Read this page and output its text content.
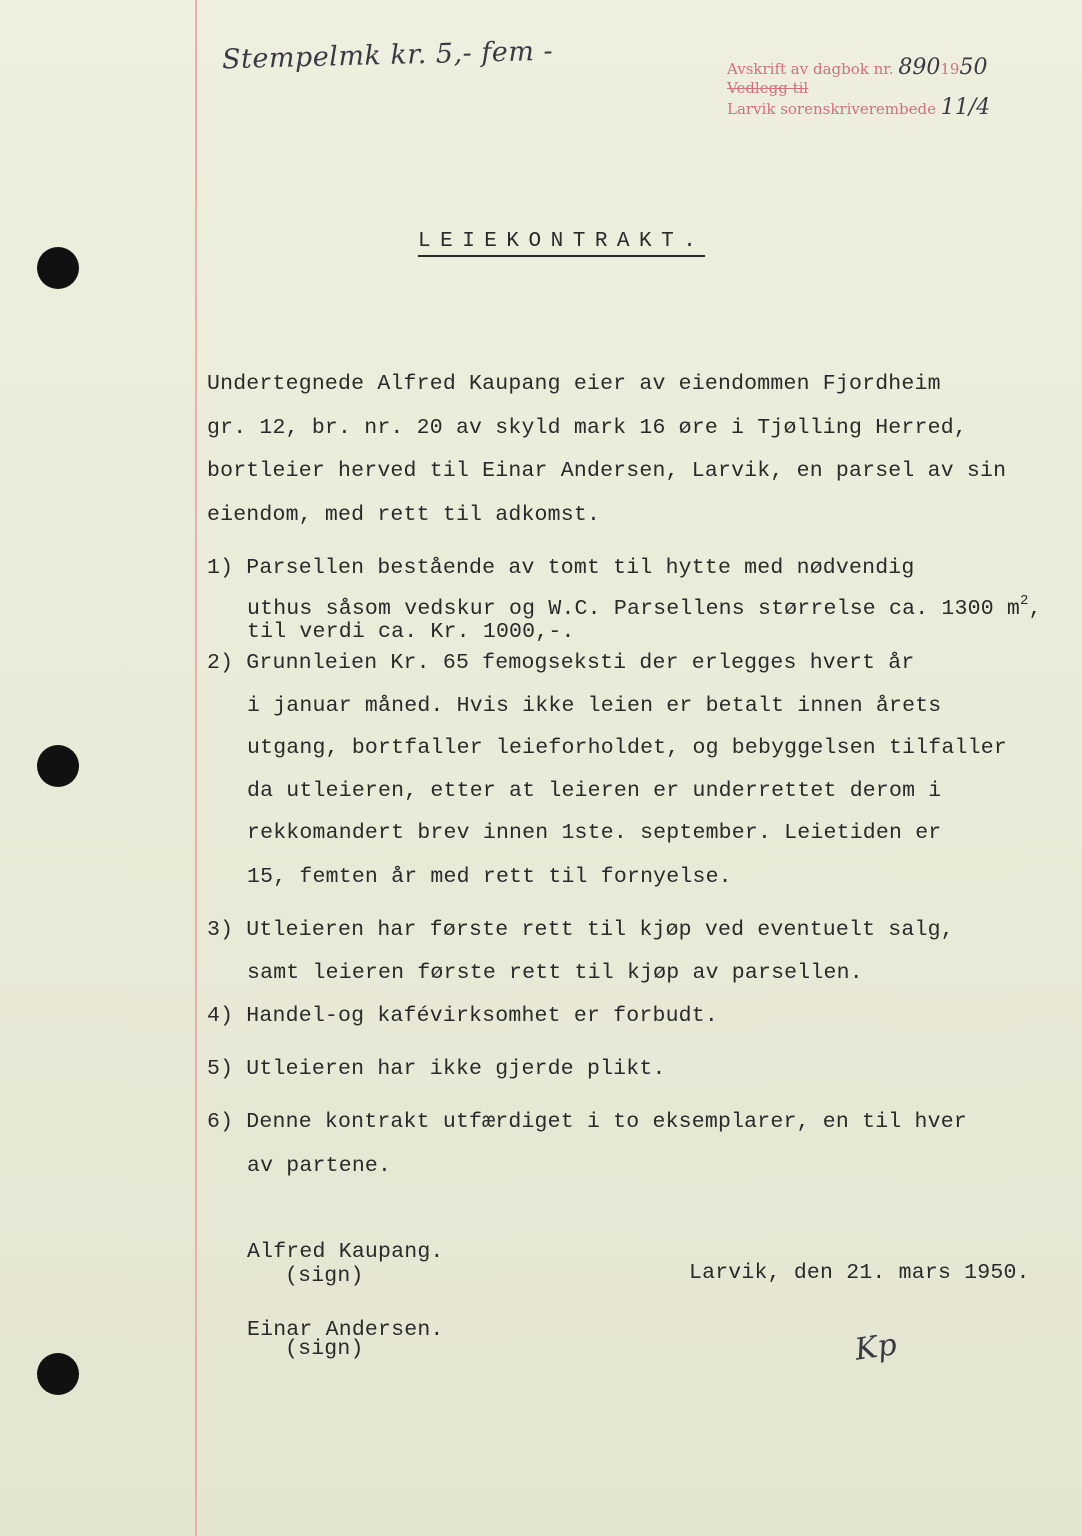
Stempelmk kr. 5,- fem -	Avskrift av dagbok nr. 8901950
Vedlegg til
Larvik sorenskriverembede 11/4
LEIEKONTRAKT.
Undertegnede Alfred Kaupang eier av eiendommen Fjordheim
gr. 12, br. nr. 20 av skyld mark 16 øre i Tjølling Herred,
bortleier herved til Einar Andersen, Larvik, en parsel av sin
eiendom, med rett til adkomst.
1) Parsellen bestående av tomt til hytte med nødvendig
uthus såsom vedskur og W.C. Parsellens størrelse ca. 1300 $m^2$,
til verdi ca. Kr. 1000,-.
2) Grunnleien Kr. 65 femogseksti der erlegges hvert år
i januar måned. Hvis ikke leien er betalt innen årets
utgang, bortfaller leieforholdet, og bebyggelsen tilfaller
da utleieren, etter at leieren er underrettet derom i
rekkomandert brev innen 1ste. september. Leietiden er
15, femten år med rett til fornyelse.
3) Utleieren har første rett til kjøp ved eventuelt salg,
samt leieren første rett til kjøp av parsellen.
4) Handel-og kafévirksomhet er forbudt.
5) Utleieren har ikke gjerde plikt.
6) Denne kontrakt utfærdiget i to eksemplarer, en til hver
av partene.
Alfred Kaupang.
(sign)	Larvik, den 21. mars 1950.
Einar Andersen.
(sign)	Kp
